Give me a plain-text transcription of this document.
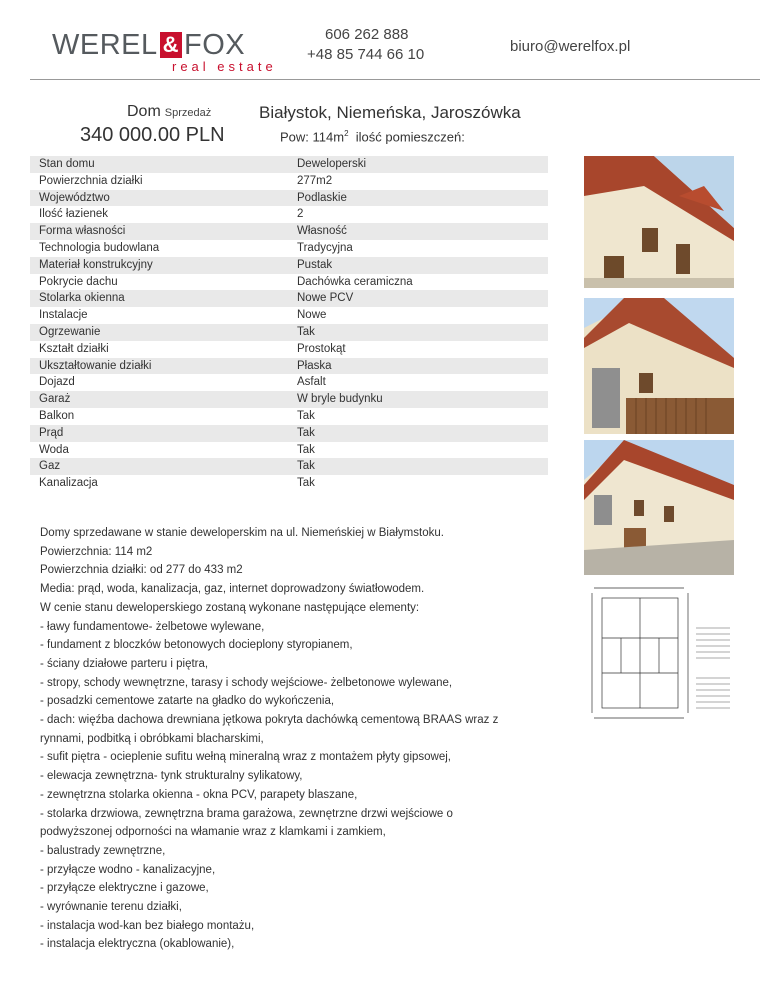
WEREL & FOX
real estate
606 262 888
+48 85 744 66 10	biuro@werelfox.pl
Dom Sprzedaż
340 000.00 PLN
Białystok, Niemeńska, Jaroszówka
Pow: $114m^2$ ilość pomieszczeń:
Stan domu	Deweloperski
Powierzchnia działki	277m2
Województwo	Podlaskie
Ilość łazienek	2
Forma własności	Własność
Technologia budowlana	Tradycyjna
Materiał konstrukcyjny	Pustak
Pokrycie dachu	Dachówka ceramiczna
Stolarka okienna	Nowe PCV
Instalacje	Nowe
Ogrzewanie	Tak
Kształt działki	Prostokąt
Ukształtowanie działki	Płaska
Dojazd	Asfalt
Garaż	W bryle budynku
Balkon	Tak
Prąd	Tak
Woda	Tak
Gaz	Tak
Kanalizacja	Tak
Domy sprzedawane w stanie deweloperskim na ul. Niemeńskiej w Białymstoku.
Powierzchnia: 114 m2
Powierzchnia działki: od 277 do 433 m2
Media: prąd, woda, kanalizacja, gaz, internet doprowadzony światłowodem.
W cenie stanu deweloperskiego zostaną wykonane następujące elementy:
- ławy fundamentowe- żelbetowe wylewane,
- fundament z bloczków betonowych docieplony styropianem,
- ściany działowe parteru i piętra,
- stropy, schody wewnętrzne, tarasy i schody wejściowe- żelbetonowe wylewane,
- posadzki cementowe zatarte na gładko do wykończenia,
- dach: więźba dachowa drewniana jętkowa pokryta dachówką cementową BRAAS wraz z
rynnami, podbitką i obróbkami blacharskimi,
- sufit piętra - ocieplenie sufitu wełną mineralną wraz z montażem płyty gipsowej,
- elewacja zewnętrzna- tynk strukturalny sylikatowy,
- zewnętrzna stolarka okienna - okna PCV, parapety blaszane,
- stolarka drzwiowa, zewnętrzna brama garażowa, zewnętrzne drzwi wejściowe o
podwyższonej odporności na włamanie wraz z klamkami i zamkiem,
- balustrady zewnętrzne,
- przyłącze wodno - kanalizacyjne,
- przyłącze elektryczne i gazowe,
- wyrównanie terenu działki,
- instalacja wod-kan bez białego montażu,
- instalacja elektryczna (okablowanie),
